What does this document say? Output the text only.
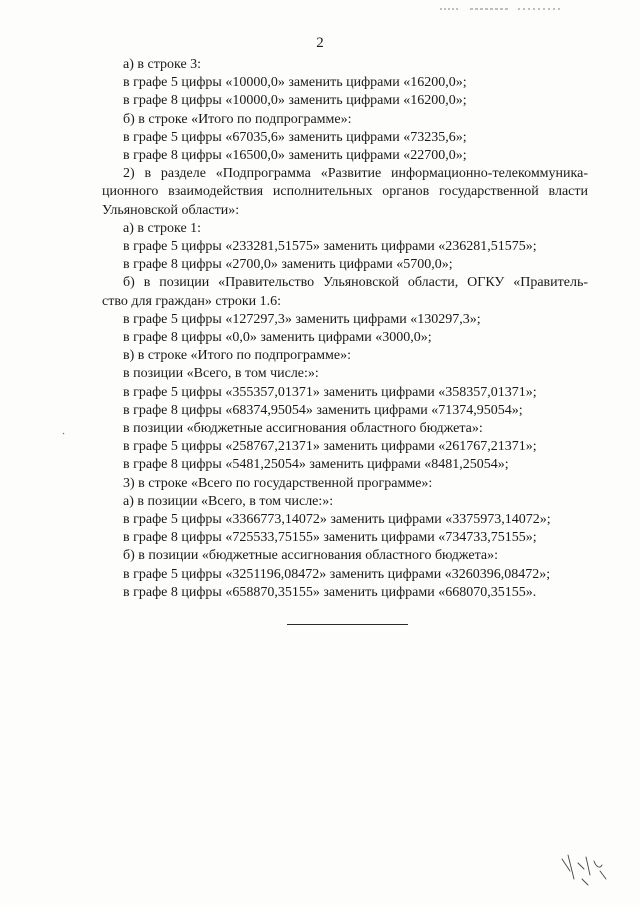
2
а) в строке 3:
в графе 5 цифры «10000,0» заменить цифрами «16200,0»;
в графе 8 цифры «10000,0» заменить цифрами «16200,0»;
б) в строке «Итого по подпрограмме»:
в графе 5 цифры «67035,6» заменить цифрами «73235,6»;
в графе 8 цифры «16500,0» заменить цифрами «22700,0»;
2) в разделе «Подпрограмма «Развитие информационно-телекоммуника-
ционного взаимодействия исполнительных органов государственной власти
Ульяновской области»:
а) в строке 1:
в графе 5 цифры «233281,51575» заменить цифрами «236281,51575»;
в графе 8 цифры «2700,0» заменить цифрами «5700,0»;
б) в позиции «Правительство Ульяновской области, ОГКУ «Правитель-
ство для граждан» строки 1.6:
в графе 5 цифры «127297,3» заменить цифрами «130297,3»;
в графе 8 цифры «0,0» заменить цифрами «3000,0»;
в) в строке «Итого по подпрограмме»:
в позиции «Всего, в том числе:»:
в графе 5 цифры «355357,01371» заменить цифрами «358357,01371»;
в графе 8 цифры «68374,95054» заменить цифрами «71374,95054»;
в позиции «бюджетные ассигнования областного бюджета»:
в графе 5 цифры «258767,21371» заменить цифрами «261767,21371»;
в графе 8 цифры «5481,25054» заменить цифрами «8481,25054»;
3) в строке «Всего по государственной программе»:
а) в позиции «Всего, в том числе:»:
в графе 5 цифры «3366773,14072» заменить цифрами «3375973,14072»;
в графе 8 цифры «725533,75155» заменить цифрами «734733,75155»;
б) в позиции «бюджетные ассигнования областного бюджета»:
в графе 5 цифры «3251196,08472» заменить цифрами «3260396,08472»;
в графе 8 цифры «658870,35155» заменить цифрами «668070,35155».
